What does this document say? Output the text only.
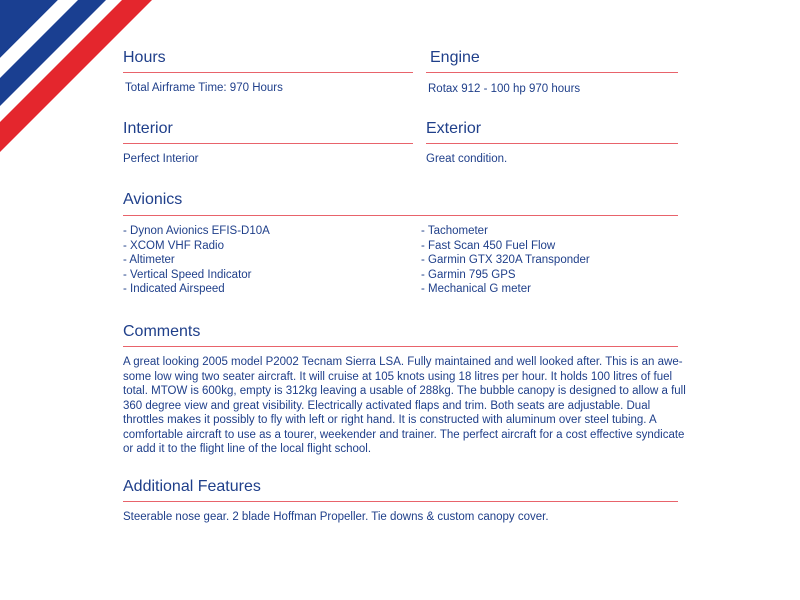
Hours
Total Airframe Time: 970 Hours
Engine
Rotax 912 - 100 hp 970 hours
Interior
Perfect Interior
Exterior
Great condition.
Avionics
- Dynon Avionics EFIS-D10A
- XCOM VHF Radio
- Altimeter
- Vertical Speed Indicator
- Indicated Airspeed
- Tachometer
- Fast Scan 450 Fuel Flow
- Garmin GTX 320A Transponder
- Garmin 795 GPS
- Mechanical G meter
Comments
A great looking 2005 model P2002 Tecnam Sierra LSA. Fully maintained and well looked after. This is an awe-some low wing two seater aircraft. It will cruise at 105 knots using 18 litres per hour. It holds 100 litres of fuel total. MTOW is 600kg, empty is 312kg leaving a usable of 288kg. The bubble canopy is designed to allow a full 360 degree view and great visibility. Electrically activated flaps and trim. Both seats are adjustable. Dual throttles makes it possibly to fly with left or right hand. It is constructed with aluminum over steel tubing. A comfortable aircraft to use as a tourer, weekender and trainer. The perfect aircraft for a cost effective syndicate or add it to the flight line of the local flight school.
Additional Features
Steerable nose gear. 2 blade Hoffman Propeller. Tie downs & custom canopy cover.
